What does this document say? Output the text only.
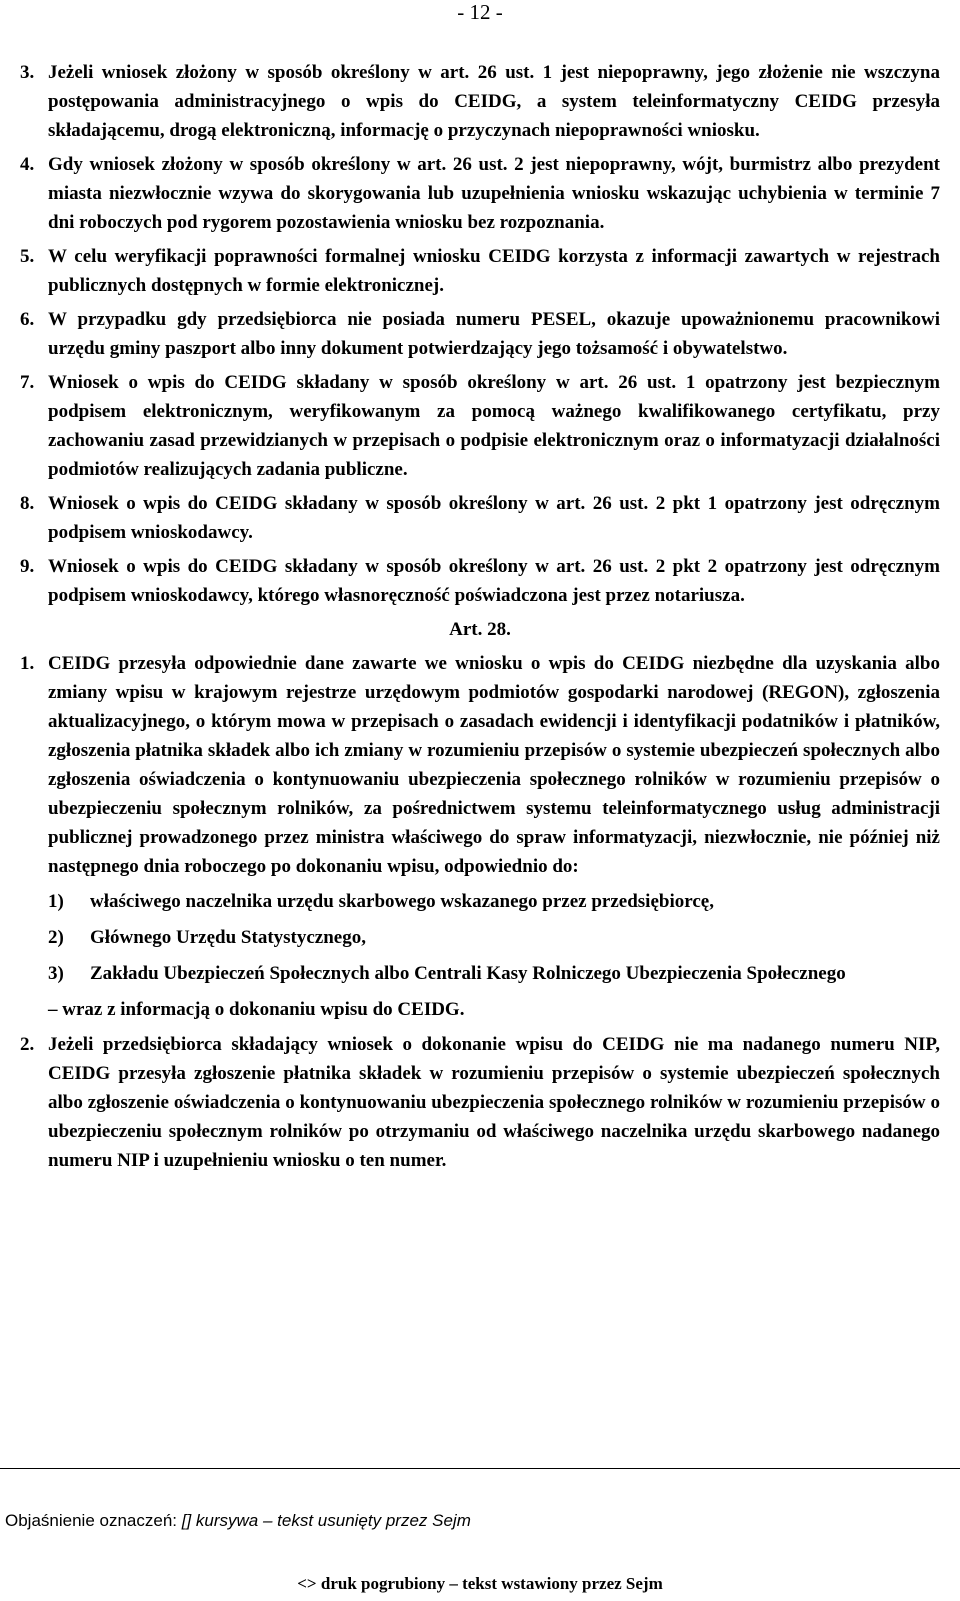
- 12 -
3. Jeżeli wniosek złożony w sposób określony w art. 26 ust. 1 jest niepoprawny, jego złożenie nie wszczyna postępowania administracyjnego o wpis do CEIDG, a system teleinformatyczny CEIDG przesyła składającemu, drogą elektroniczną, informację o przyczynach niepoprawności wniosku.
4. Gdy wniosek złożony w sposób określony w art. 26 ust. 2 jest niepoprawny, wójt, burmistrz albo prezydent miasta niezwłocznie wzywa do skorygowania lub uzupełnienia wniosku wskazując uchybienia w terminie 7 dni roboczych pod rygorem pozostawienia wniosku bez rozpoznania.
5. W celu weryfikacji poprawności formalnej wniosku CEIDG korzysta z informacji zawartych w rejestrach publicznych dostępnych w formie elektronicznej.
6. W przypadku gdy przedsiębiorca nie posiada numeru PESEL, okazuje upoważnionemu pracownikowi urzędu gminy paszport albo inny dokument potwierdzający jego tożsamość i obywatelstwo.
7. Wniosek o wpis do CEIDG składany w sposób określony w art. 26 ust. 1 opatrzony jest bezpiecznym podpisem elektronicznym, weryfikowanym za pomocą ważnego kwalifikowanego certyfikatu, przy zachowaniu zasad przewidzianych w przepisach o podpisie elektronicznym oraz o informatyzacji działalności podmiotów realizujących zadania publiczne.
8. Wniosek o wpis do CEIDG składany w sposób określony w art. 26 ust. 2 pkt 1 opatrzony jest odręcznym podpisem wnioskodawcy.
9. Wniosek o wpis do CEIDG składany w sposób określony w art. 26 ust. 2 pkt 2 opatrzony jest odręcznym podpisem wnioskodawcy, którego własnoręczność poświadczona jest przez notariusza.
Art. 28.
1. CEIDG przesyła odpowiednie dane zawarte we wniosku o wpis do CEIDG niezbędne dla uzyskania albo zmiany wpisu w krajowym rejestrze urzędowym podmiotów gospodarki narodowej (REGON), zgłoszenia aktualizacyjnego, o którym mowa w przepisach o zasadach ewidencji i identyfikacji podatników i płatników, zgłoszenia płatnika składek albo ich zmiany w rozumieniu przepisów o systemie ubezpieczeń społecznych albo zgłoszenia oświadczenia o kontynuowaniu ubezpieczenia społecznego rolników w rozumieniu przepisów o ubezpieczeniu społecznym rolników, za pośrednictwem systemu teleinformatycznego usług administracji publicznej prowadzonego przez ministra właściwego do spraw informatyzacji, niezwłocznie, nie później niż następnego dnia roboczego po dokonaniu wpisu, odpowiednio do:
1) właściwego naczelnika urzędu skarbowego wskazanego przez przedsiębiorcę,
2) Głównego Urzędu Statystycznego,
3) Zakładu Ubezpieczeń Społecznych albo Centrali Kasy Rolniczego Ubezpieczenia Społecznego
– wraz z informacją o dokonaniu wpisu do CEIDG.
2. Jeżeli przedsiębiorca składający wniosek o dokonanie wpisu do CEIDG nie ma nadanego numeru NIP, CEIDG przesyła zgłoszenie płatnika składek w rozumieniu przepisów o systemie ubezpieczeń społecznych albo zgłoszenie oświadczenia o kontynuowaniu ubezpieczenia społecznego rolników w rozumieniu przepisów o ubezpieczeniu społecznym rolników po otrzymaniu od właściwego naczelnika urzędu skarbowego nadanego numeru NIP i uzupełnieniu wniosku o ten numer.
Objaśnienie oznaczeń: [] kursywa – tekst usunięty przez Sejm
<> druk pogrubiony – tekst wstawiony przez Sejm
